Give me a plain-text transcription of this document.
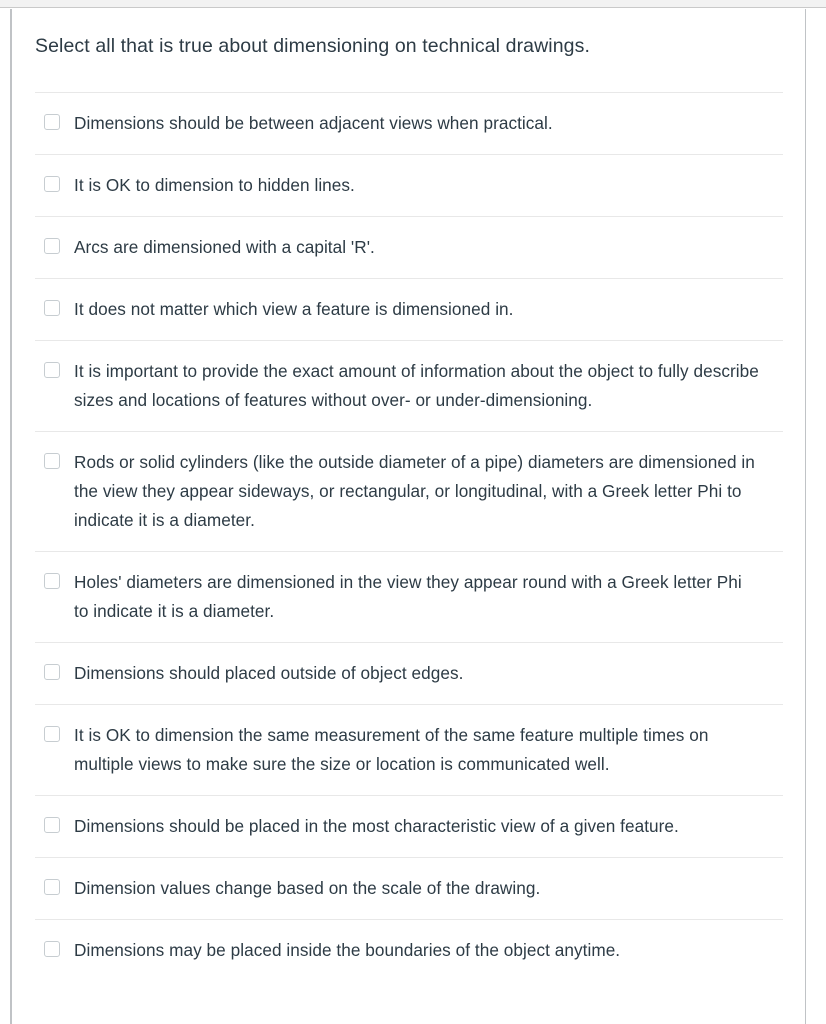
Select all that is true about dimensioning on technical drawings.
Dimensions should be between adjacent views when practical.
It is OK to dimension to hidden lines.
Arcs are dimensioned with a capital 'R'.
It does not matter which view a feature is dimensioned in.
It is important to provide the exact amount of information about the object to fully describe sizes and locations of features without over- or under-dimensioning.
Rods or solid cylinders (like the outside diameter of a pipe) diameters are dimensioned in the view they appear sideways, or rectangular, or longitudinal, with a Greek letter Phi to indicate it is a diameter.
Holes' diameters are dimensioned in the view they appear round with a Greek letter Phi to indicate it is a diameter.
Dimensions should placed outside of object edges.
It is OK to dimension the same measurement of the same feature multiple times on multiple views to make sure the size or location is communicated well.
Dimensions should be placed in the most characteristic view of a given feature.
Dimension values change based on the scale of the drawing.
Dimensions may be placed inside the boundaries of the object anytime.
